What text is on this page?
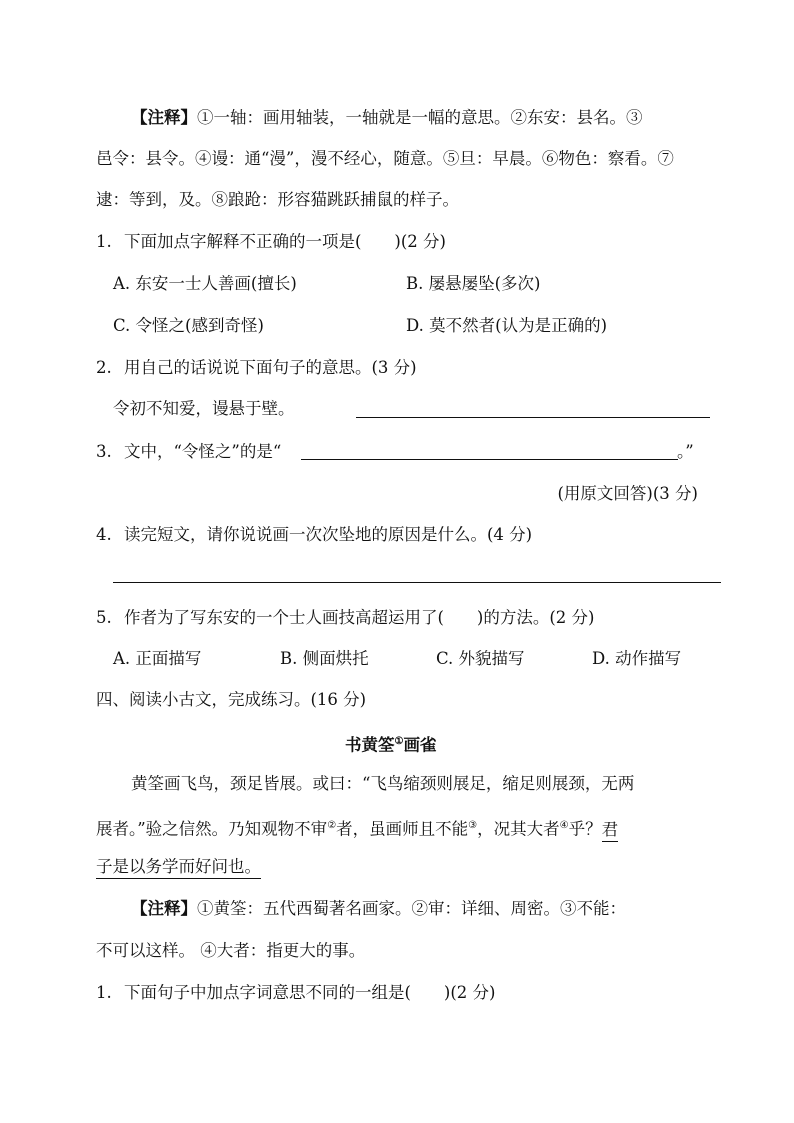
【注释】①一轴：画用轴装，一轴就是一幅的意思。②东安：县名。③
邑令：县令。④谩：通“漫”，漫不经心，随意。⑤旦：早晨。⑥物色：察看。⑦
逮：等到，及。⑧踉跄：形容猫跳跃捕鼠的样子。
1. 下面加点字解释不正确的一项是(　　)(2 分)
A. 东安一士人善画(擅长)	B. 屡悬屡坠(多次)
C. 令怪之(感到奇怪)	D. 莫不然者(认为是正确的)
2. 用自己的话说说下面句子的意思。(3 分)
令初不知爱，谩悬于壁。
3. 文中，“令怪之”的是“	。”
(用原文回答)(3 分)
4. 读完短文，请你说说画一次次坠地的原因是什么。(4 分)
5. 作者为了写东安的一个士人画技高超运用了(　　)的方法。(2 分)
A. 正面描写	B. 侧面烘托	C. 外貌描写	D. 动作描写
四、阅读小古文，完成练习。(16 分)
书黄筌①画雀
黄筌画飞鸟，颈足皆展。或曰：“飞鸟缩颈则展足，缩足则展颈，无两
展者。”验之信然。乃知观物不审②者，虽画师且不能③，况其大者④乎？君
子是以务学而好问也。
【注释】①黄筌：五代西蜀著名画家。②审：详细、周密。③不能：
不可以这样。 ④大者：指更大的事。
1. 下面句子中加点字词意思不同的一组是(　　)(2 分)
